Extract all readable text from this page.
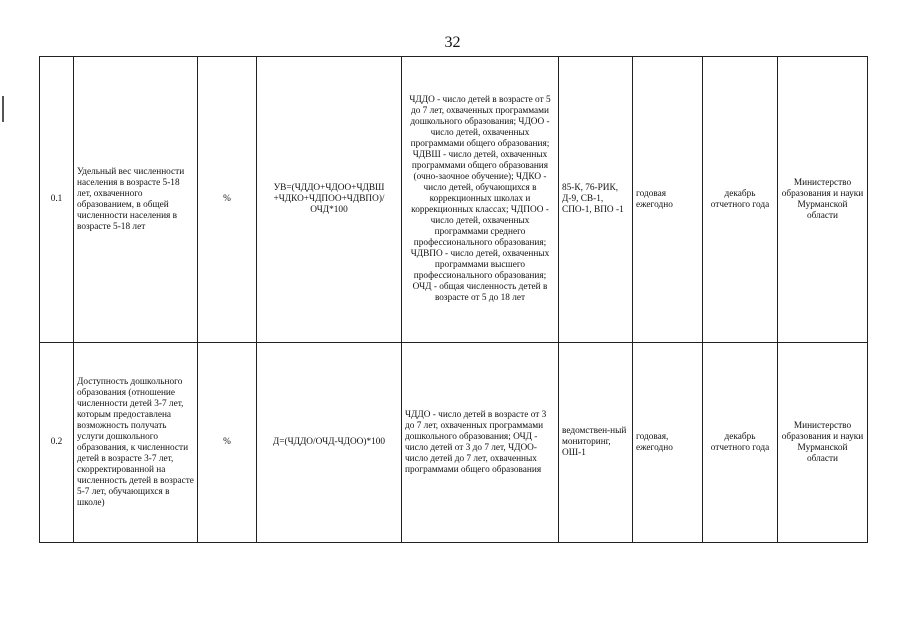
32
0.1	Удельный вес численности населения в возрасте 5-18 лет, охваченного образованием, в общей численности населения в возрасте 5-18 лет	%	УВ=(ЧДДО+ЧДОО+ЧДВШ +ЧДКО+ЧДПОО+ЧДВПО)/ ОЧД*100	ЧДДО - число детей в возрасте от 5 до 7 лет, охваченных программами дошкольного образования; ЧДОО - число детей, охваченных программами общего образования; ЧДВШ - число детей, охваченных программами общего образования (очно-заочное обучение); ЧДКО - число детей, обучающихся в коррекционных школах и коррекционных классах; ЧДПОО - число детей, охваченных программами среднего профессионального образования; ЧДВПО - число детей, охваченных программами высшего профессионального образования; ОЧД - общая численность детей в возрасте от 5 до 18 лет	85-К, 76-РИК, Д-9, СВ-1, СПО-1, ВПО -1	годовая ежегодно	декабрь отчетного года	Министерство образования и науки Мурманской области
0.2	Доступность дошкольного образования (отношение численности детей 3-7 лет, которым предоставлена возможность получать услуги дошкольного образования, к численности детей в возрасте 3-7 лет, скорректированной на численность детей в возрасте 5-7 лет, обучающихся в школе)	%	Д=(ЧДДО/ОЧД-ЧДОО)*100	ЧДДО - число детей в возрасте от 3 до 7 лет, охваченных программами дошкольного образования; ОЧД - число детей от 3 до 7 лет, ЧДОО- число детей до 7 лет, охваченных программами общего образования	ведомствен-ный мониторинг, ОШ-1	годовая, ежегодно	декабрь отчетного года	Министерство образования и науки Мурманской области
